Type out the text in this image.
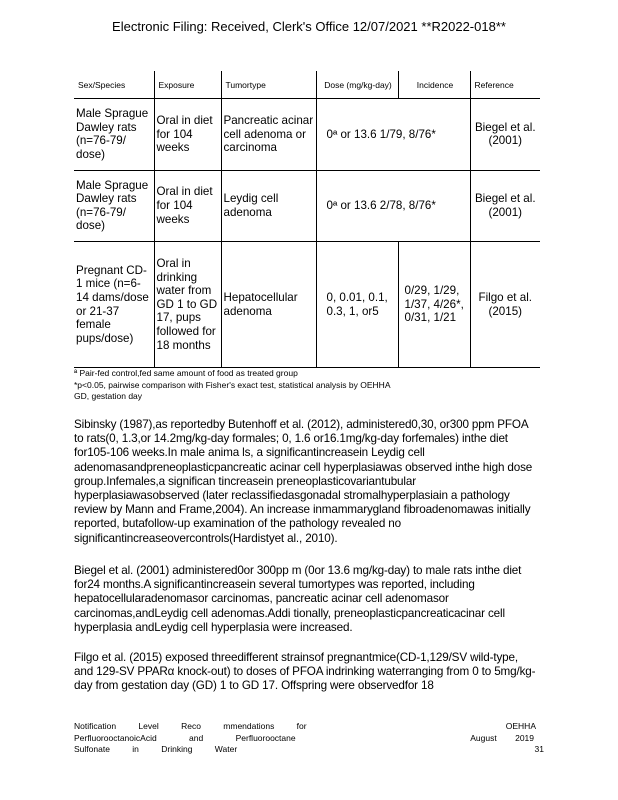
Electronic Filing: Received, Clerk's Office 12/07/2021 **R2022-018**
Sex/Species	Exposure	Tumortype	Dose (mg/kg-day)	Incidence	Reference
Male Sprague Dawley rats (n=76-79/ dose)	Oral in diet for 104 weeks	Pancreatic acinar cell adenoma or carcinoma	0ª or 13.6 1/79, 8/76*		Biegel et al. (2001)
Male Sprague Dawley rats (n=76-79/ dose)	Oral in diet for 104 weeks	Leydig cell adenoma	0ª or 13.6 2/78, 8/76*		Biegel et al. (2001)
Pregnant CD-1 mice (n=6-14 dams/dose or 21-37 female pups/dose)	Oral in drinking water from GD 1 to GD 17, pups followed for 18 months	Hepatocellular adenoma	0, 0.01, 0.1, 0.3, 1, or5	0/29, 1/29, 1/37, 4/26*, 0/31, 1/21	Filgo et al. (2015)
ª Pair-fed control,fed same amount of food as treated group
*p<0.05, pairwise comparison with Fisher's exact test, statistical analysis by OEHHA
GD, gestation day

Sibinsky (1987),as reportedby Butenhoff et al. (2012), administered0,30, or300 ppm PFOA to rats(0, 1.3,or 14.2mg/kg-day formales; 0, 1.6 or16.1mg/kg-day forfemales) inthe diet for105-106 weeks.In male anima ls, a significantincreasein Leydig cell adenomasandpreneoplasticpancreatic acinar cell hyperplasiawas observed inthe high dose group.Infemales,a significan tincreasein preneoplasticovariantubular hyperplasiawasobserved (later reclassifiedasgonadal stromalhyperplasiain a pathology review by Mann and Frame,2004). An increase inmammarygland fibroadenomawas initially reported, butafollow-up examination of the pathology revealed no significantincreaseovercontrols(Hardistyet al., 2010).

Biegel et al. (2001) administered0or 300pp m (0or 13.6 mg/kg-day) to male rats inthe diet for24 months.A significantincreasein several tumortypes was reported, including hepatocellularadenomasor carcinomas, pancreatic acinar cell adenomasor carcinomas,andLeydig cell adenomas.Addi tionally, preneoplasticpancreaticacinar cell hyperplasia andLeydig cell hyperplasia were increased.

Filgo et al. (2015) exposed threedifferent strainsof pregnantmice(CD-1,129/SV wild-type, and 129-SV PPARα knock-out) to doses of PFOA indrinking waterranging from 0 to 5mg/kg-day from gestation day (GD) 1 to GD 17. Offspring were observedfor 18

Notification Level Reco mmendations for	OEHHA
PerfluorooctanoicAcid and Perfluorooctane	August 2019
Sulfonate in Drinking Water	31
